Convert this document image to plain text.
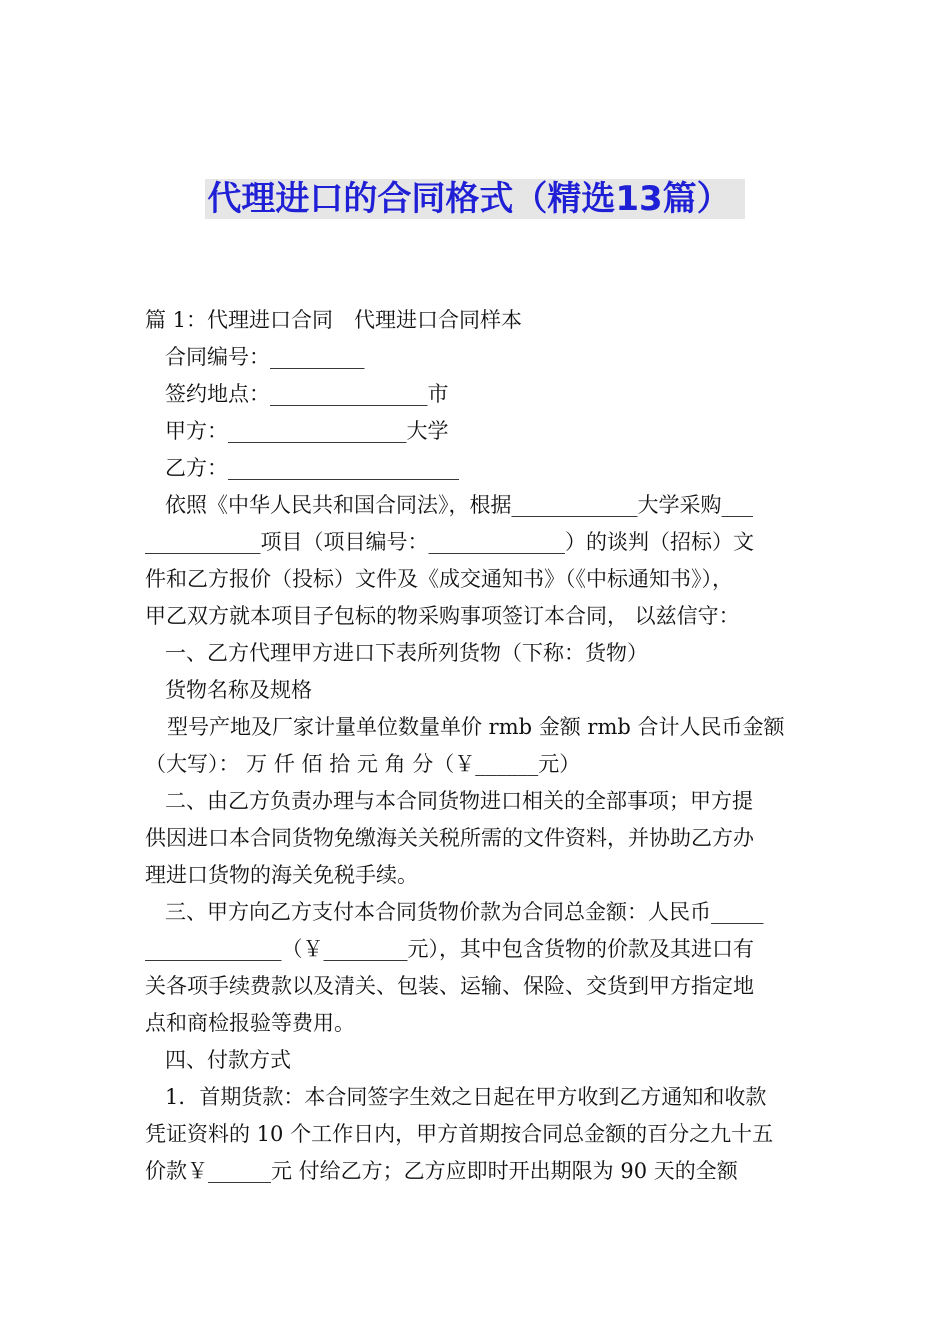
代理进口的合同格式（精选13篇）

篇 1：代理进口合同　代理进口合同样本

合同编号：_________

签约地点：_______________市

甲方：_________________大学

乙方：______________________

依照《中华人民共和国合同法》，根据____________大学采购___

___________项目（项目编号：_____________）的谈判（招标）文

件和乙方报价（投标）文件及《成交通知书》（《中标通知书》），

甲乙双方就本项目子包标的物采购事项签订本合同， 以兹信守：

一、乙方代理甲方进口下表所列货物（下称：货物）

货物名称及规格

型号产地及厂家计量单位数量单价 rmb 金额 rmb 合计人民币金额

（大写）： 万 仟 佰 拾 元 角 分（￥______元）

二、由乙方负责办理与本合同货物进口相关的全部事项；甲方提

供因进口本合同货物免缴海关关税所需的文件资料，并协助乙方办

理进口货物的海关免税手续。

三、甲方向乙方支付本合同货物价款为合同总金额：人民币_____

_____________（￥________元），其中包含货物的价款及其进口有

关各项手续费款以及清关、包装、运输、保险、交货到甲方指定地

点和商检报验等费用。

四、付款方式

1．首期货款：本合同签字生效之日起在甲方收到乙方通知和收款

凭证资料的 10 个工作日内，甲方首期按合同总金额的百分之九十五

价款￥______元 付给乙方；乙方应即时开出期限为 90 天的全额
